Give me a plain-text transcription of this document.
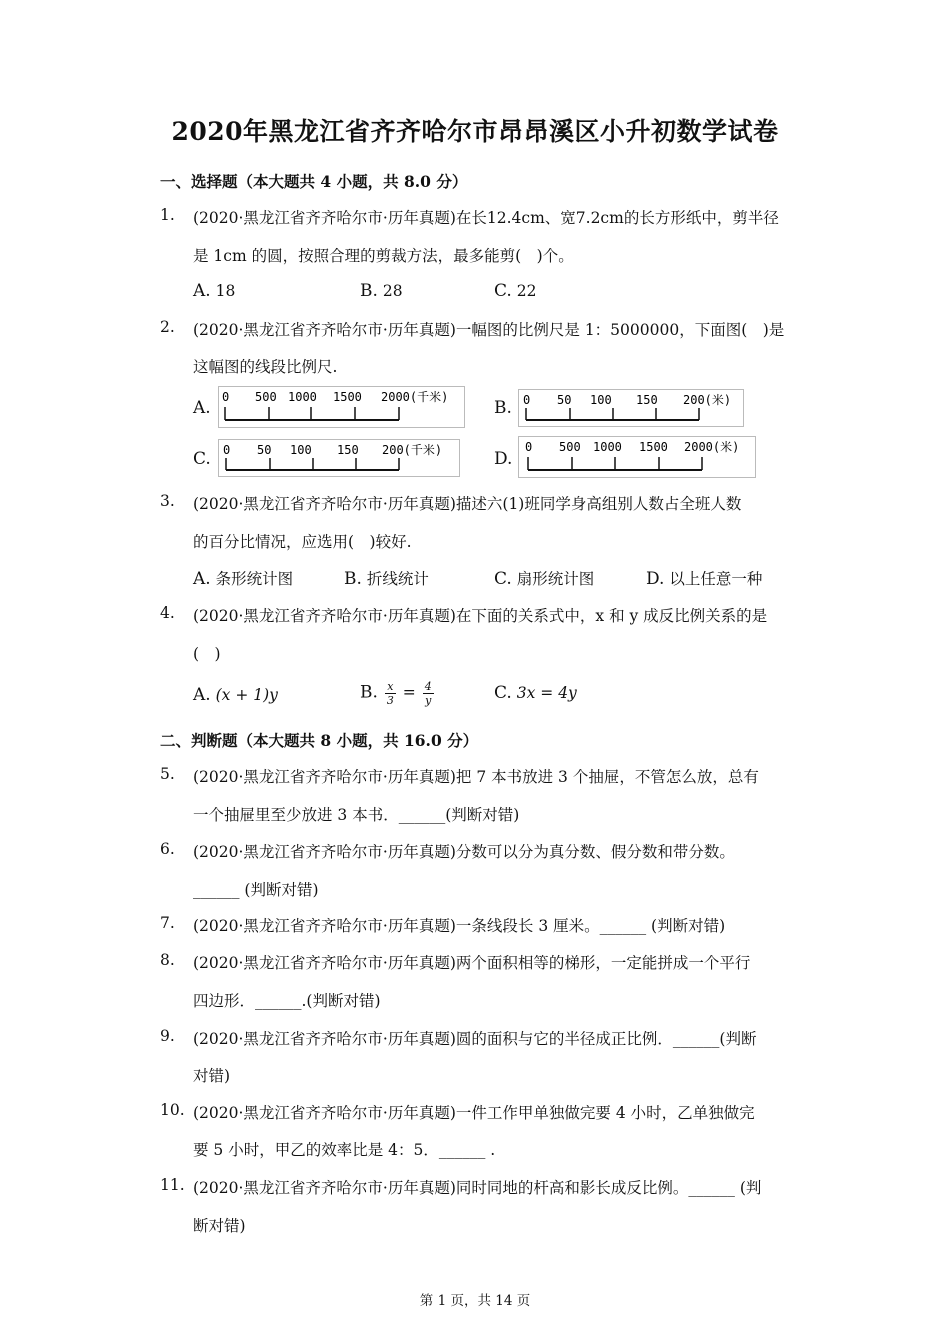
2020年黑龙江省齐齐哈尔市昂昂溪区小升初数学试卷
一、选择题（本大题共 4 小题，共 8.0 分）
1. (2020·黑龙江省齐齐哈尔市·历年真题)在长12.4cm、宽7.2cm的长方形纸中，剪半径
是 1cm 的圆，按照合理的剪裁方法，最多能剪(　)个。
A. 18	B. 28	C. 22
2. (2020·黑龙江省齐齐哈尔市·历年真题)一幅图的比例尺是 1：5000000，下面图(　)是
这幅图的线段比例尺.
A.
0 500 1000 1500 2000(千米)
B. 0 50 100 150 200(米)
C. 0 50 100 150 200(千米)	D.
0 500 1000 1500 2000(米)
3. (2020·黑龙江省齐齐哈尔市·历年真题)描述六(1)班同学身高组别人数占全班人数
的百分比情况，应选用(　)较好.
A. 条形统计图	B. 折线统计	C. 扇形统计图	D. 以上任意一种
4. (2020·黑龙江省齐齐哈尔市·历年真题)在下面的关系式中，x 和 y 成反比例关系的是
(　)
A. (x + 1)y	B. $\frac{x}{3} = \frac{4}{y}$	C. 3x = 4y
二、判断题（本大题共 8 小题，共 16.0 分）
5. (2020·黑龙江省齐齐哈尔市·历年真题)把 7 本书放进 3 个抽屉，不管怎么放，总有
一个抽屉里至少放进 3 本书．______(判断对错)
6. (2020·黑龙江省齐齐哈尔市·历年真题)分数可以分为真分数、假分数和带分数。
______ (判断对错)
7. (2020·黑龙江省齐齐哈尔市·历年真题)一条线段长 3 厘米。______ (判断对错)
8. (2020·黑龙江省齐齐哈尔市·历年真题)两个面积相等的梯形，一定能拼成一个平行
四边形．______.(判断对错)
9. (2020·黑龙江省齐齐哈尔市·历年真题)圆的面积与它的半径成正比例．______(判断
对错)
10. (2020·黑龙江省齐齐哈尔市·历年真题)一件工作甲单独做完要 4 小时，乙单独做完
要 5 小时，甲乙的效率比是 4：5．______ .
11. (2020·黑龙江省齐齐哈尔市·历年真题)同时同地的杆高和影长成反比例。______ (判
断对错)
第 1 页，共 14 页
